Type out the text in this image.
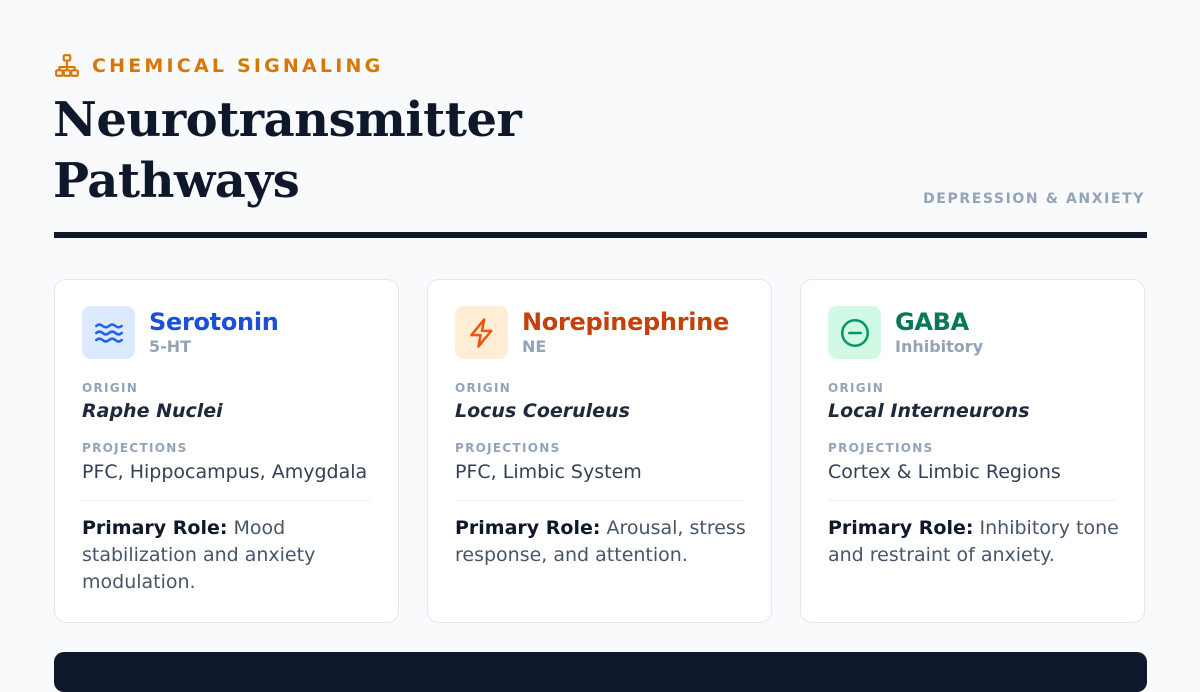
CHEMICAL SIGNALING
Neurotransmitter Pathways	DEPRESSION & ANXIETY
Serotonin
5-HT
ORIGIN
Raphe Nuclei
PROJECTIONS
PFC, Hippocampus, Amygdala
Primary Role: Mood stabilization and anxiety modulation.
Norepinephrine
NE
ORIGIN
Locus Coeruleus
PROJECTIONS
PFC, Limbic System
Primary Role: Arousal, stress response, and attention.
GABA
Inhibitory
ORIGIN
Local Interneurons
PROJECTIONS
Cortex & Limbic Regions
Primary Role: Inhibitory tone and restraint of anxiety.
